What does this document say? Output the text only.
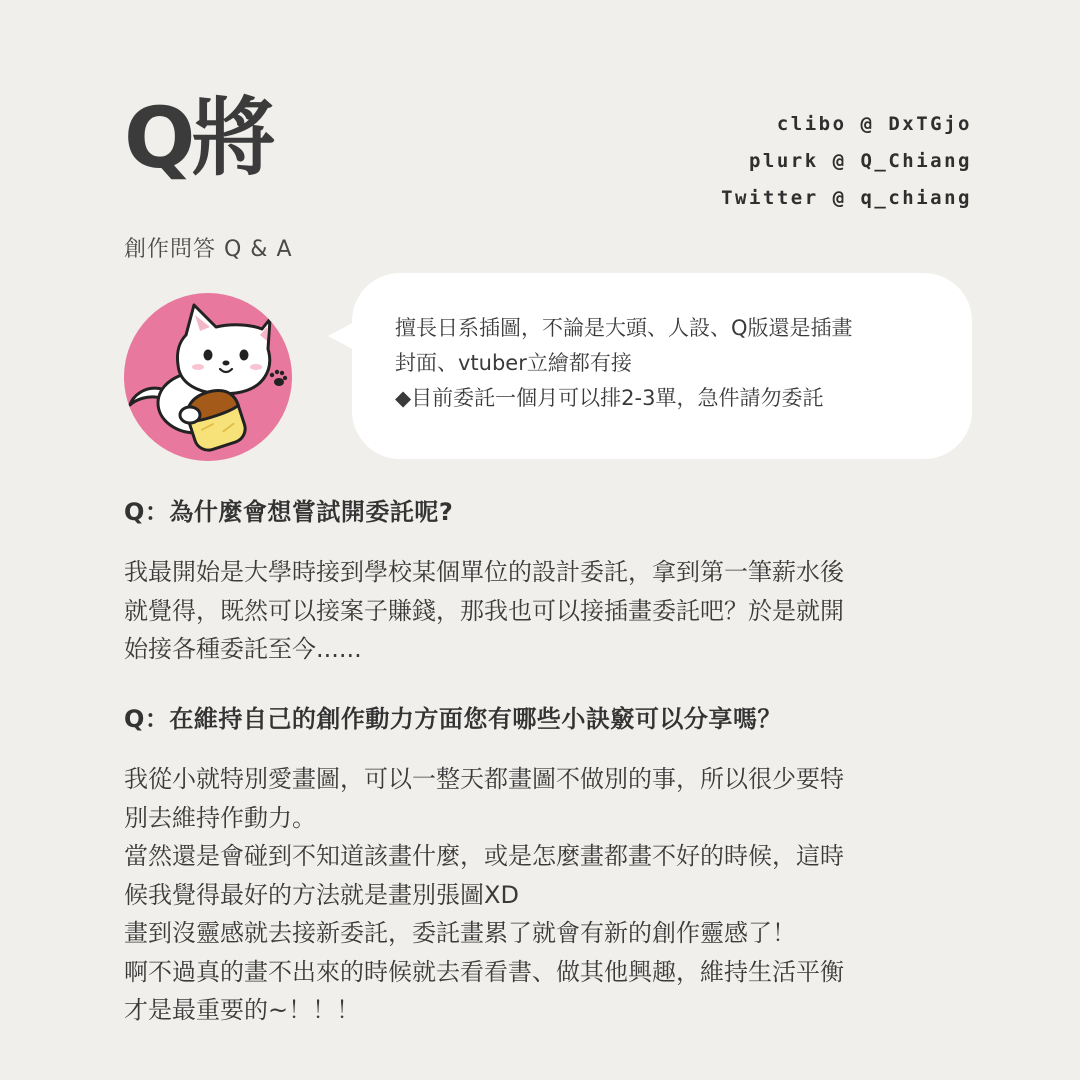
Q將
創作問答 Q & A
clibo @ DxTGjo
plurk @ Q_Chiang
Twitter @ q_chiang

擅長日系插圖，不論是大頭、人設、Q版還是插畫

封面、vtuber立繪都有接

◆目前委託一個月可以排2-3單，急件請勿委託

Q：為什麼會想嘗試開委託呢?

我最開始是大學時接到學校某個單位的設計委託，拿到第一筆薪水後

就覺得，既然可以接案子賺錢，那我也可以接插畫委託吧？於是就開

始接各種委託至今......

Q：在維持自己的創作動力方面您有哪些小訣竅可以分享嗎？

我從小就特別愛畫圖，可以一整天都畫圖不做別的事，所以很少要特

別去維持作動力。

當然還是會碰到不知道該畫什麼，或是怎麼畫都畫不好的時候，這時

候我覺得最好的方法就是畫別張圖XD

畫到沒靈感就去接新委託，委託畫累了就會有新的創作靈感了！

啊不過真的畫不出來的時候就去看看書、做其他興趣，維持生活平衡

才是最重要的~！！！
